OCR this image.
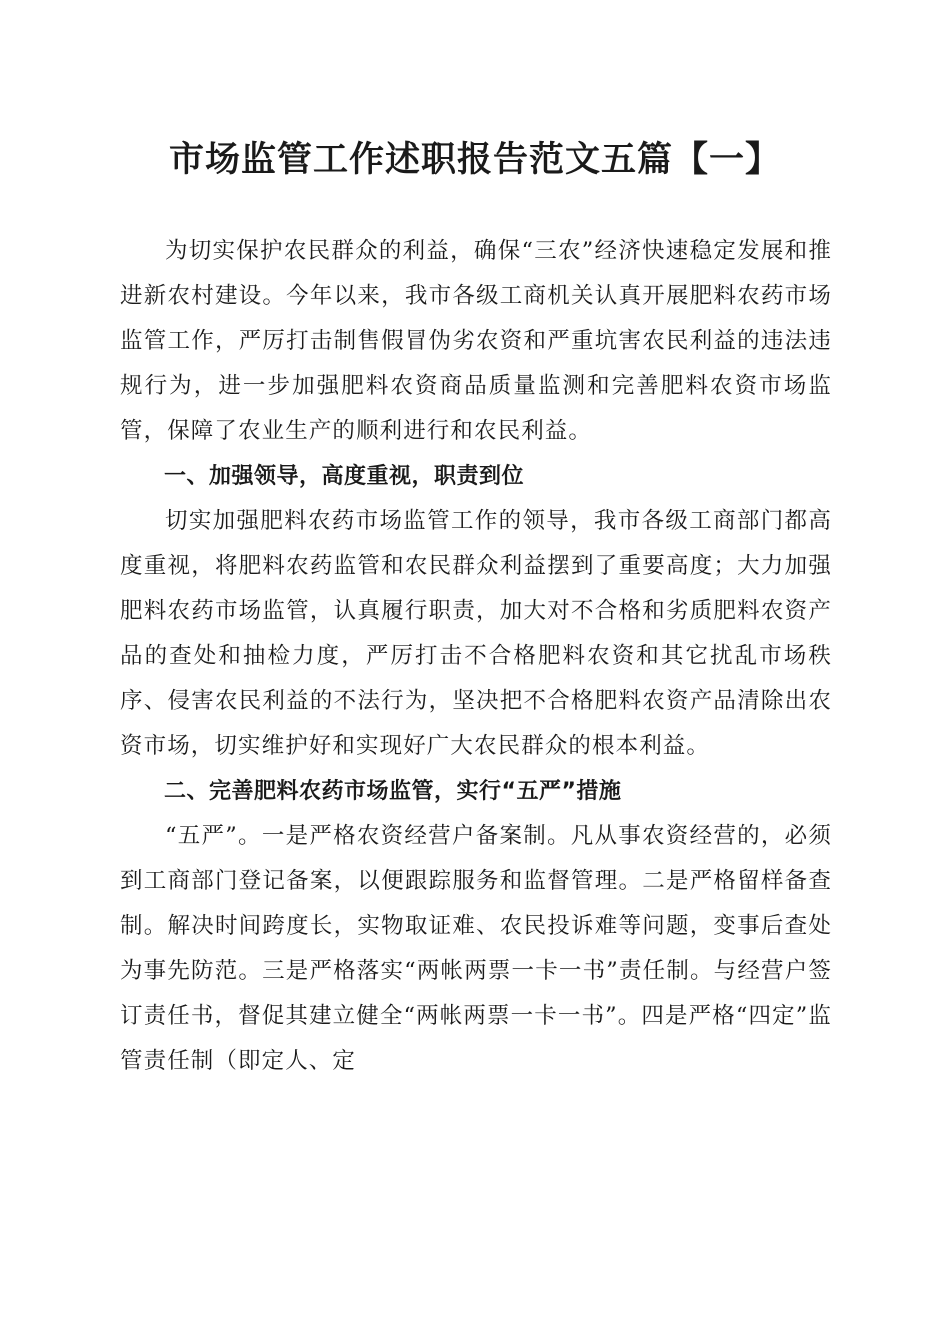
市场监管工作述职报告范文五篇【一】

为切实保护农民群众的利益，确保“三农”经济快速稳定发展和推进新农村建设。今年以来，我市各级工商机关认真开展肥料农药市场监管工作，严厉打击制售假冒伪劣农资和严重坑害农民利益的违法违规行为，进一步加强肥料农资商品质量监测和完善肥料农资市场监管，保障了农业生产的顺利进行和农民利益。

一、加强领导，高度重视，职责到位

切实加强肥料农药市场监管工作的领导，我市各级工商部门都高度重视，将肥料农药监管和农民群众利益摆到了重要高度；大力加强肥料农药市场监管，认真履行职责，加大对不合格和劣质肥料农资产品的查处和抽检力度，严厉打击不合格肥料农资和其它扰乱市场秩序、侵害农民利益的不法行为，坚决把不合格肥料农资产品清除出农资市场，切实维护好和实现好广大农民群众的根本利益。

二、完善肥料农药市场监管，实行“五严”措施

“五严”。一是严格农资经营户备案制。凡从事农资经营的，必须到工商部门登记备案，以便跟踪服务和监督管理。二是严格留样备查制。解决时间跨度长，实物取证难、农民投诉难等问题，变事后查处为事先防范。三是严格落实“两帐两票一卡一书”责任制。与经营户签订责任书，督促其建立健全“两帐两票一卡一书”。四是严格“四定”监管责任制（即定人、定
